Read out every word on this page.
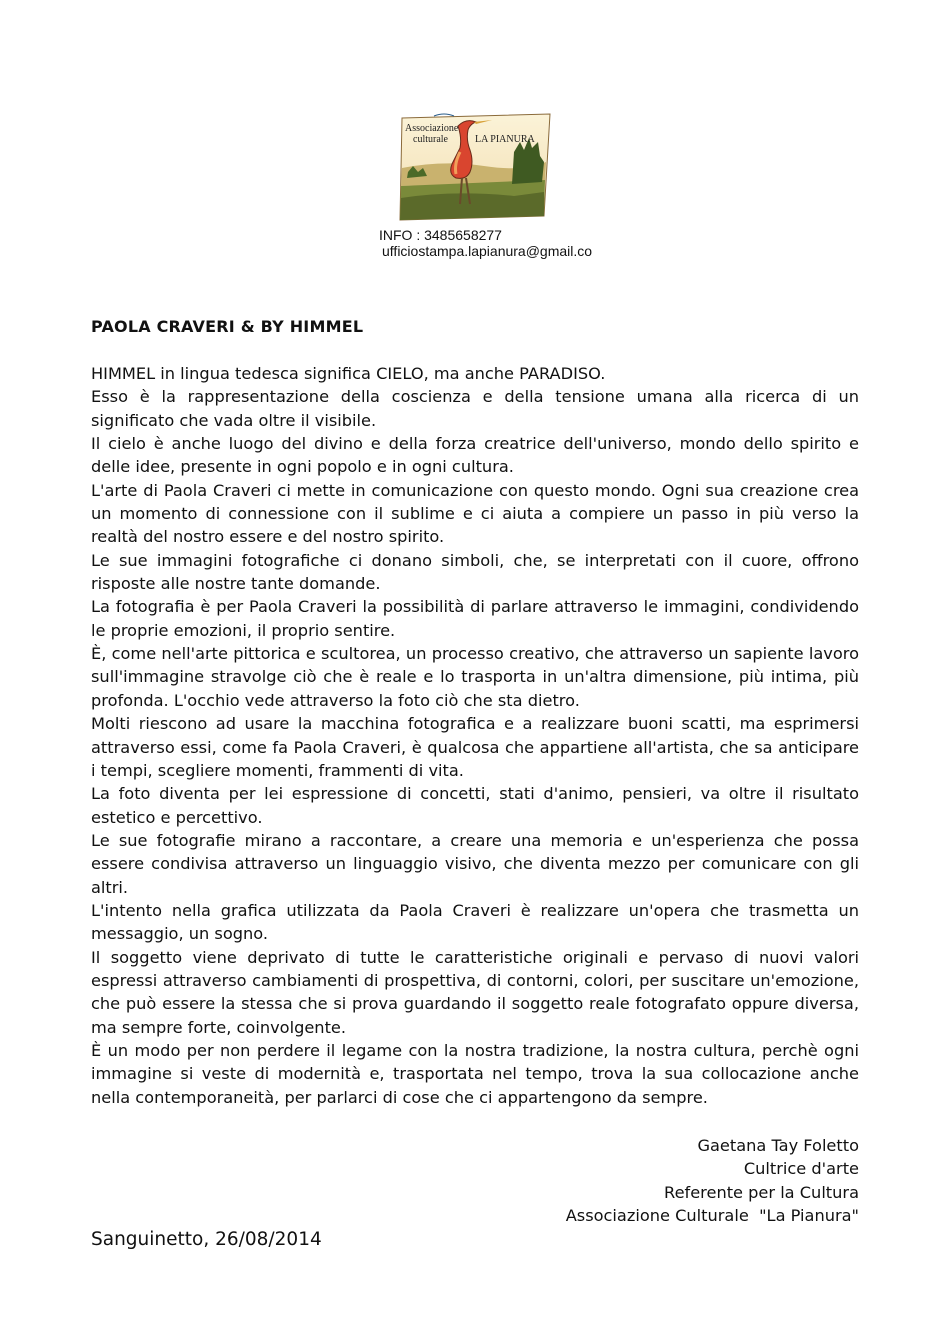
Associazione
culturale	LA PIANURA
INFO : 3485658277
ufficiostampa.lapianura@gmail.co
PAOLA CRAVERI & BY HIMMEL

HIMMEL in lingua tedesca significa CIELO, ma anche PARADISO.

Esso è la rappresentazione della coscienza e della tensione umana alla ricerca di un significato che vada oltre il visibile.

Il cielo è anche luogo del divino e della forza creatrice dell'universo, mondo dello spirito e delle idee, presente in ogni popolo e in ogni cultura.

L'arte di Paola Craveri ci mette in comunicazione con questo mondo. Ogni sua creazione crea un momento di connessione con il sublime e ci aiuta a compiere un passo in più verso la realtà del nostro essere e del nostro spirito.

Le sue immagini fotografiche ci donano simboli, che, se interpretati con il cuore, offrono risposte alle nostre tante domande.

La fotografia è per Paola Craveri la possibilità di parlare attraverso le immagini, condividendo le proprie emozioni, il proprio sentire.

È, come nell'arte pittorica e scultorea, un processo creativo, che attraverso un sapiente lavoro sull'immagine stravolge ciò che è reale e lo trasporta in un'altra dimensione, più intima, più profonda. L'occhio vede attraverso la foto ciò che sta dietro.

Molti riescono ad usare la macchina fotografica e a realizzare buoni scatti, ma esprimersi attraverso essi, come fa Paola Craveri, è qualcosa che appartiene all'artista, che sa anticipare i tempi, scegliere momenti, frammenti di vita.

La foto diventa per lei espressione di concetti, stati d'animo, pensieri, va oltre il risultato estetico e percettivo.

Le sue fotografie mirano a raccontare, a creare una memoria e un'esperienza che possa essere condivisa attraverso un linguaggio visivo, che diventa mezzo per comunicare con gli altri.

L'intento nella grafica utilizzata da Paola Craveri è realizzare un'opera che trasmetta un messaggio, un sogno.

Il soggetto viene deprivato di tutte le caratteristiche originali e pervaso di nuovi valori espressi attraverso cambiamenti di prospettiva, di contorni, colori, per suscitare un'emozione, che può essere la stessa che si prova guardando il soggetto reale fotografato oppure diversa, ma sempre forte, coinvolgente.

È un modo per non perdere il legame con la nostra tradizione, la nostra cultura, perchè ogni immagine si veste di modernità e, trasportata nel tempo, trova la sua collocazione anche nella contemporaneità, per parlarci di cose che ci appartengono da sempre.

Gaetana Tay Foletto
Cultrice d'arte
Referente per la Cultura
Associazione Culturale  "La Pianura"

Sanguinetto, 26/08/2014
